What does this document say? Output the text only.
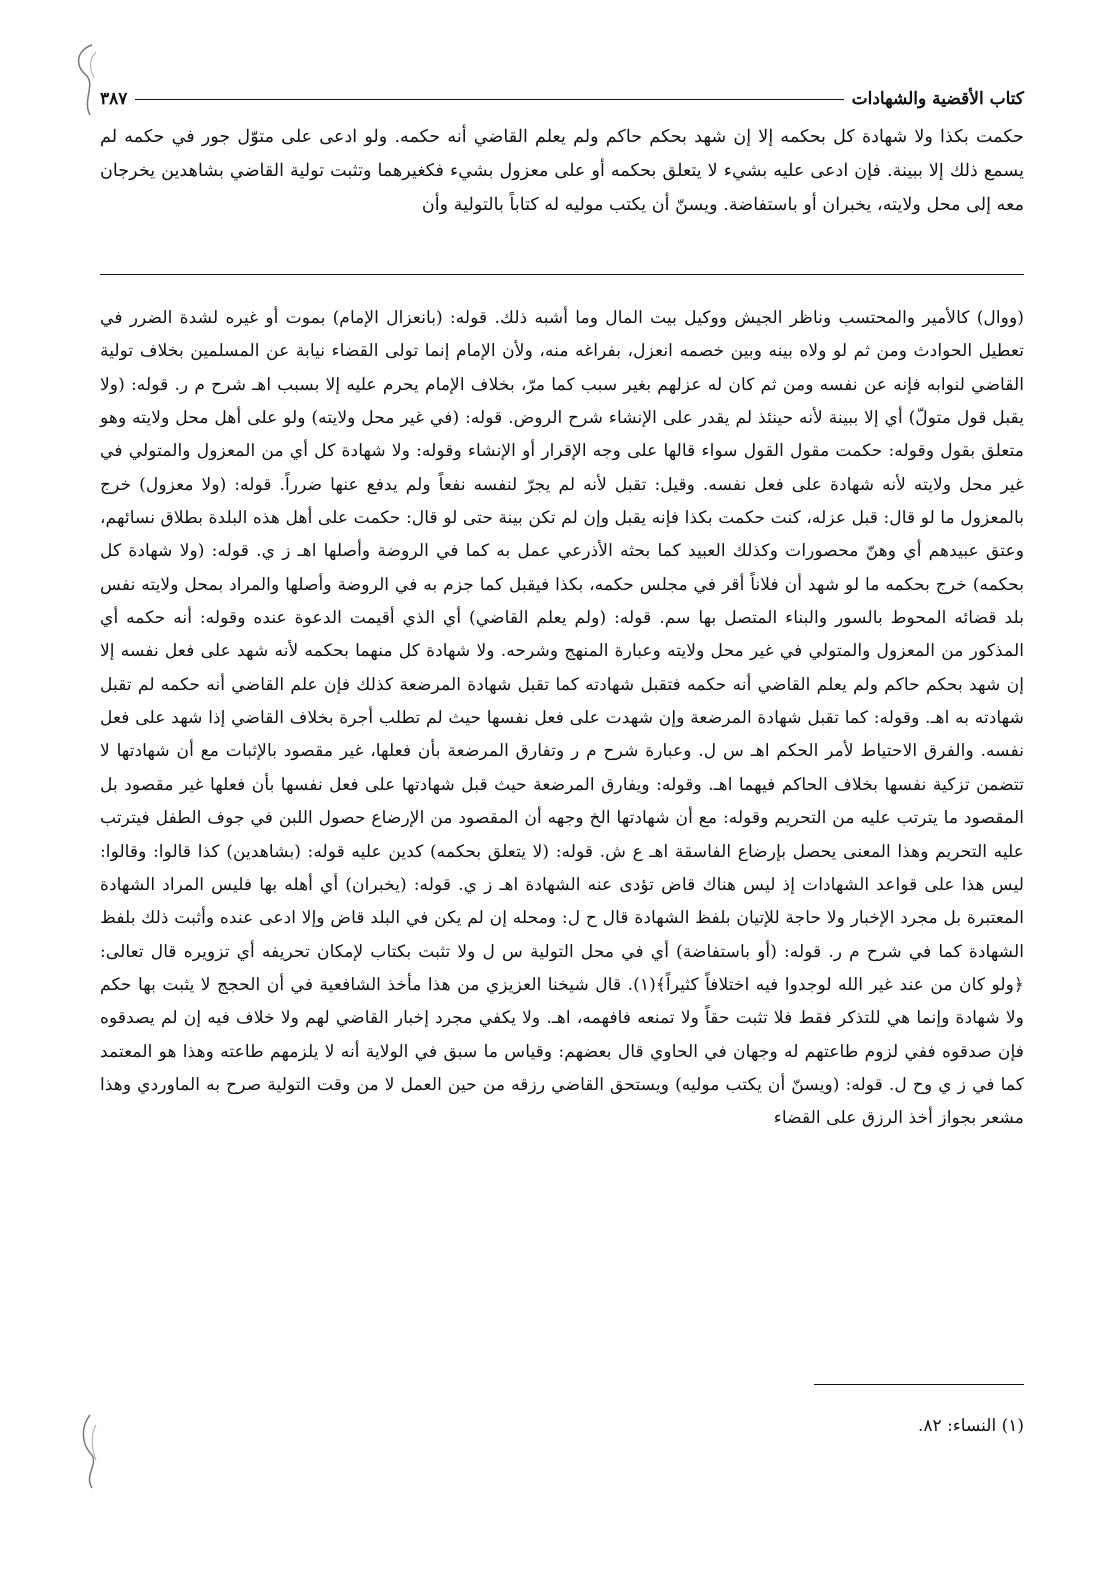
كتاب الأقضية والشهادات
٣٨٧
حكمت بكذا ولا شهادة كل بحكمه إلا إن شهد بحكم حاكم ولم يعلم القاضي أنه حكمه. ولو ادعى على متوّل جور في حكمه لم يسمع ذلك إلا ببينة. فإن ادعى عليه بشيء لا يتعلق بحكمه أو على معزول بشيء فكغيرهما وتثبت تولية القاضي بشاهدين يخرجان معه إلى محل ولايته، يخبران أو باستفاضة. ويسنّ أن يكتب موليه له كتاباً بالتولية وأن

(ووال) كالأمير والمحتسب وناظر الجيش ووكيل بيت المال وما أشبه ذلك. قوله: (بانعزال الإمام) بموت أو غيره لشدة الضرر في تعطيل الحوادث ومن ثم لو ولاه بينه وبين خصمه انعزل، بفراغه منه، ولأن الإمام إنما تولى القضاء نيابة عن المسلمين بخلاف تولية القاضي لنوابه فإنه عن نفسه ومن ثم كان له عزلهم بغير سبب كما مرّ، بخلاف الإمام يحرم عليه إلا بسبب اهـ شرح م ر. قوله: (ولا يقبل قول متولّ) أي إلا ببينة لأنه حينئذ لم يقدر على الإنشاء شرح الروض. قوله: (في غير محل ولايته) ولو على أهل محل ولايته وهو متعلق بقول وقوله: حكمت مقول القول سواء قالها على وجه الإقرار أو الإنشاء وقوله: ولا شهادة كل أي من المعزول والمتولي في غير محل ولايته لأنه شهادة على فعل نفسه. وقيل: تقبل لأنه لم يجرّ لنفسه نفعاً ولم يدفع عنها ضرراً. قوله: (ولا معزول) خرج بالمعزول ما لو قال: قبل عزله، كنت حكمت بكذا فإنه يقبل وإن لم تكن بينة حتى لو قال: حكمت على أهل هذه البلدة بطلاق نسائهم، وعتق عبيدهم أي وهنّ محصورات وكذلك العبيد كما بحثه الأذرعي عمل به كما في الروضة وأصلها اهـ ز ي. قوله: (ولا شهادة كل بحكمه) خرج بحكمه ما لو شهد أن فلاناً أقر في مجلس حكمه، بكذا فيقبل كما جزم به في الروضة وأصلها والمراد بمحل ولايته نفس بلد قضائه المحوط بالسور والبناء المتصل بها سم. قوله: (ولم يعلم القاضي) أي الذي أقيمت الدعوة عنده وقوله: أنه حكمه أي المذكور من المعزول والمتولي في غير محل ولايته وعبارة المنهج وشرحه. ولا شهادة كل منهما بحكمه لأنه شهد على فعل نفسه إلا إن شهد بحكم حاكم ولم يعلم القاضي أنه حكمه فتقبل شهادته كما تقبل شهادة المرضعة كذلك فإن علم القاضي أنه حكمه لم تقبل شهادته به اهـ. وقوله: كما تقبل شهادة المرضعة وإن شهدت على فعل نفسها حيث لم تطلب أجرة بخلاف القاضي إذا شهد على فعل نفسه. والفرق الاحتياط لأمر الحكم اهـ س ل. وعبارة شرح م ر وتفارق المرضعة بأن فعلها، غير مقصود بالإثبات مع أن شهادتها لا تتضمن تزكية نفسها بخلاف الحاكم فيهما اهـ. وقوله: ويفارق المرضعة حيث قبل شهادتها على فعل نفسها بأن فعلها غير مقصود بل المقصود ما يترتب عليه من التحريم وقوله: مع أن شهادتها الخ وجهه أن المقصود من الإرضاع حصول اللبن في جوف الطفل فيترتب عليه التحريم وهذا المعنى يحصل بإرضاع الفاسقة اهـ ع ش. قوله: (لا يتعلق بحكمه) كدين عليه قوله: (بشاهدين) كذا قالوا: وقالوا: ليس هذا على قواعد الشهادات إذ ليس هناك قاض تؤدى عنه الشهادة اهـ ز ي. قوله: (يخبران) أي أهله بها فليس المراد الشهادة المعتبرة بل مجرد الإخبار ولا حاجة للإتيان بلفظ الشهادة قال ح ل: ومحله إن لم يكن في البلد قاض وإلا ادعى عنده وأثبت ذلك بلفظ الشهادة كما في شرح م ر. قوله: (أو باستفاضة) أي في محل التولية س ل ولا تثبت بكتاب لإمكان تحريفه أي تزويره قال تعالى: ﴿ولو كان من عند غير الله لوجدوا فيه اختلافاً كثيراً﴾(١). قال شيخنا العزيزي من هذا مأخذ الشافعية في أن الحجج لا يثبت بها حكم ولا شهادة وإنما هي للتذكر فقط فلا تثبت حقاً ولا تمنعه فافهمه، اهـ. ولا يكفي مجرد إخبار القاضي لهم ولا خلاف فيه إن لم يصدقوه فإن صدقوه ففي لزوم طاعتهم له وجهان في الحاوي قال بعضهم: وقياس ما سبق في الولاية أنه لا يلزمهم طاعته وهذا هو المعتمد كما في ز ي وح ل. قوله: (ويسنّ أن يكتب موليه) ويستحق القاضي رزقه من حين العمل لا من وقت التولية صرح به الماوردي وهذا مشعر بجواز أخذ الرزق على القضاء

(١) النساء: ٨٢.
